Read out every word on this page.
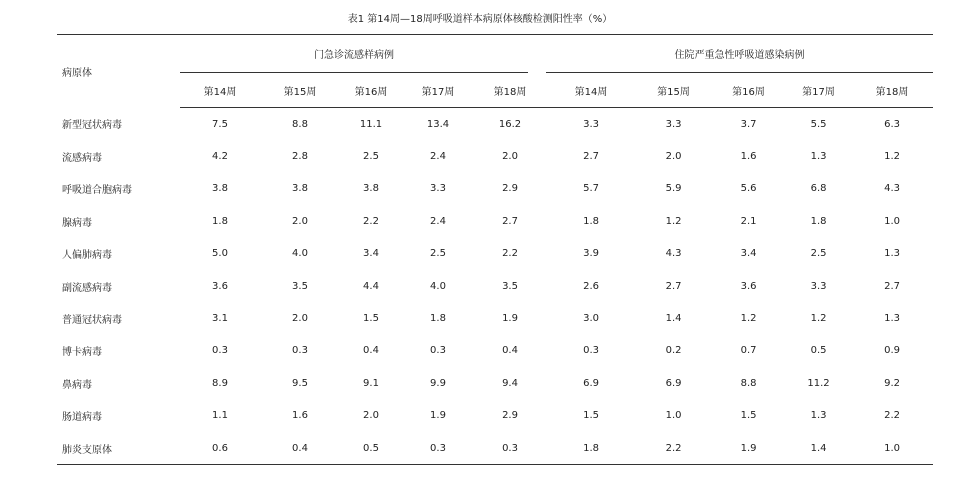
表1 第14周—18周呼吸道样本病原体核酸检测阳性率（%）
病原体	门急诊流感样病例					住院严重急性呼吸道感染病例				

	第14周	第15周	第16周	第17周	第18周	第14周	第15周	第16周	第17周	第18周
新型冠状病毒	7.5	8.8	11.1	13.4	16.2	3.3	3.3	3.7	5.5	6.3
流感病毒	4.2	2.8	2.5	2.4	2.0	2.7	2.0	1.6	1.3	1.2
呼吸道合胞病毒	3.8	3.8	3.8	3.3	2.9	5.7	5.9	5.6	6.8	4.3
腺病毒	1.8	2.0	2.2	2.4	2.7	1.8	1.2	2.1	1.8	1.0
人偏肺病毒	5.0	4.0	3.4	2.5	2.2	3.9	4.3	3.4	2.5	1.3
副流感病毒	3.6	3.5	4.4	4.0	3.5	2.6	2.7	3.6	3.3	2.7
普通冠状病毒	3.1	2.0	1.5	1.8	1.9	3.0	1.4	1.2	1.2	1.3
博卡病毒	0.3	0.3	0.4	0.3	0.4	0.3	0.2	0.7	0.5	0.9
鼻病毒	8.9	9.5	9.1	9.9	9.4	6.9	6.9	8.8	11.2	9.2
肠道病毒	1.1	1.6	2.0	1.9	2.9	1.5	1.0	1.5	1.3	2.2
肺炎支原体	0.6	0.4	0.5	0.3	0.3	1.8	2.2	1.9	1.4	1.0
